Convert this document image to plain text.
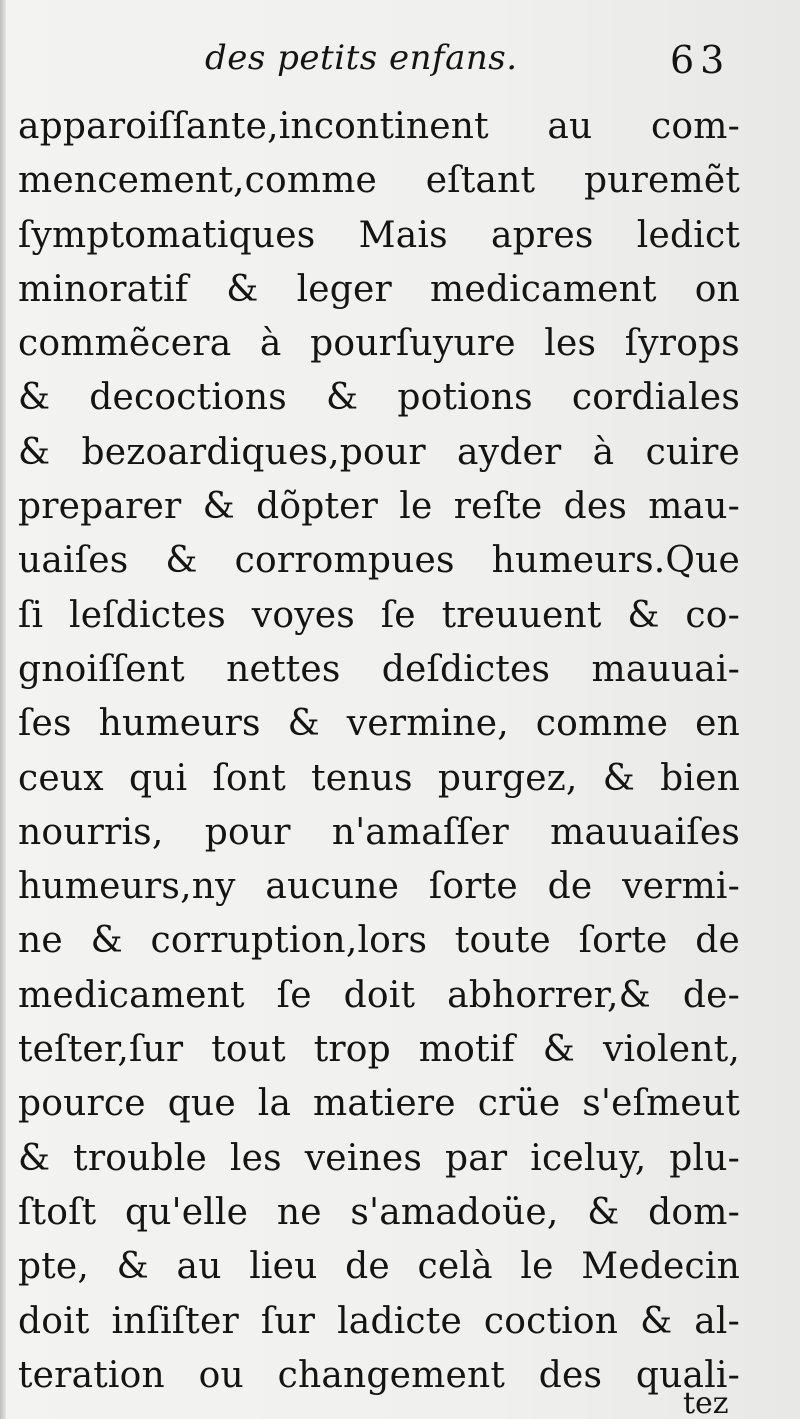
des petits enfans.	63
apparoiſſante,incontinent au com-
mencement,comme eſtant puremẽt
ſymptomatiques Mais apres ledict
minoratif & leger medicament on
commẽcera à pourſuyure les ſyrops
& decoctions & potions cordiales
& bezoardiques,pour ayder à cuire
preparer & dõpter le reſte des mau-
uaiſes & corrompues humeurs.Que
ſi leſdictes voyes ſe treuuent & co-
gnoiſſent nettes deſdictes mauuai-
ſes humeurs & vermine, comme en
ceux qui ſont tenus purgez, & bien
nourris, pour n'amaſſer mauuaiſes
humeurs,ny aucune ſorte de vermi-
ne & corruption,lors toute ſorte de
medicament ſe doit abhorrer,& de-
teſter,ſur tout trop motif & violent,
pource que la matiere crüe s'eſmeut
& trouble les veines par iceluy, plu-
ſtoſt qu'elle ne s'amadoüe, & dom-
pte, & au lieu de celà le Medecin
doit inſiſter ſur ladicte coction & al-
teration ou changement des quali-
tez
